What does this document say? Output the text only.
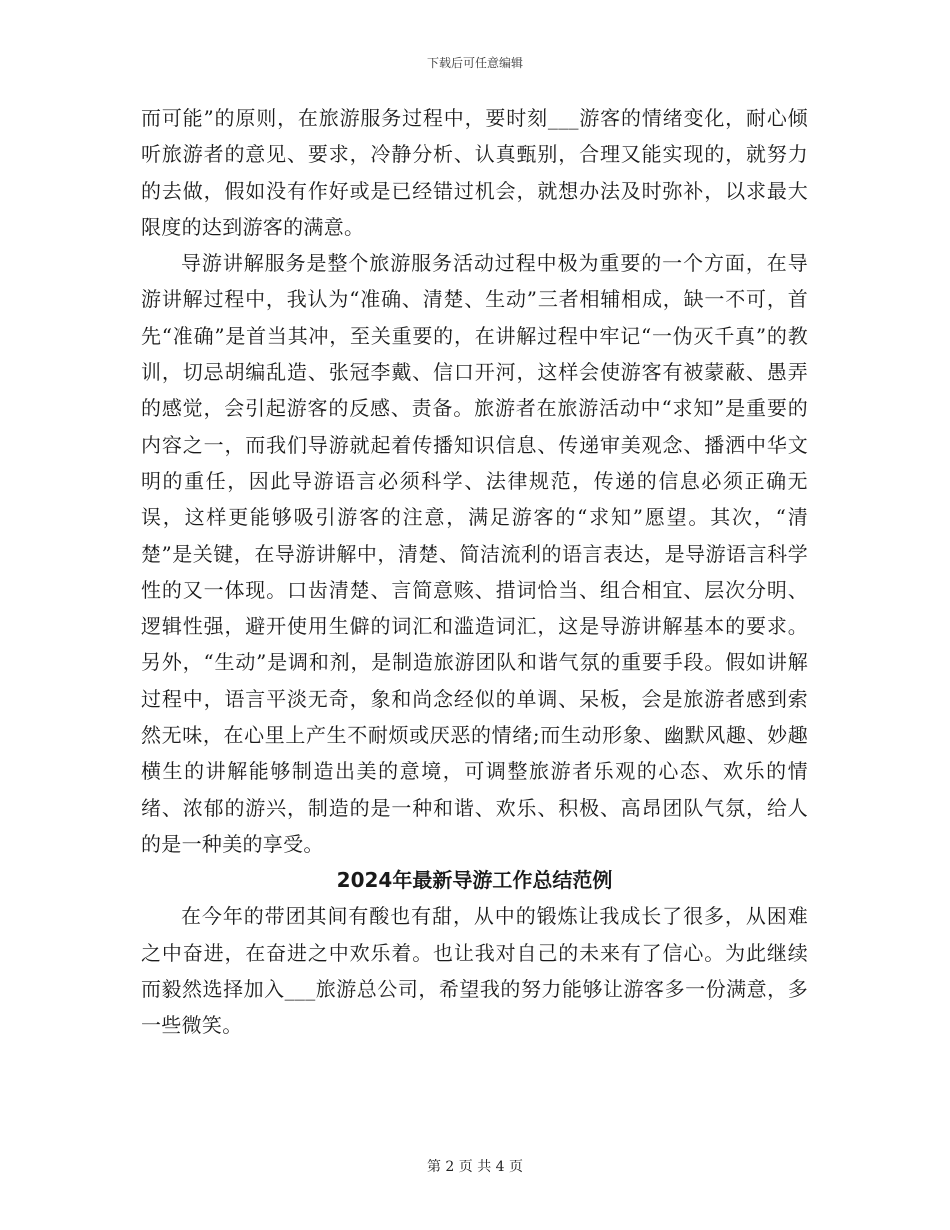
下载后可任意编辑

而可能”的原则，在旅游服务过程中，要时刻___游客的情绪变化，耐心倾听旅游者的意见、要求，冷静分析、认真甄别，合理又能实现的，就努力的去做，假如没有作好或是已经错过机会，就想办法及时弥补，以求最大限度的达到游客的满意。

导游讲解服务是整个旅游服务活动过程中极为重要的一个方面，在导游讲解过程中，我认为“准确、清楚、生动”三者相辅相成，缺一不可，首先“准确”是首当其冲，至关重要的，在讲解过程中牢记“一伪灭千真”的教训，切忌胡编乱造、张冠李戴、信口开河，这样会使游客有被蒙蔽、愚弄的感觉，会引起游客的反感、责备。旅游者在旅游活动中“求知”是重要的内容之一，而我们导游就起着传播知识信息、传递审美观念、播洒中华文明的重任，因此导游语言必须科学、法律规范，传递的信息必须正确无误，这样更能够吸引游客的注意，满足游客的“求知”愿望。其次，“清楚”是关键，在导游讲解中，清楚、简洁流利的语言表达，是导游语言科学性的又一体现。口齿清楚、言简意赅、措词恰当、组合相宜、层次分明、逻辑性强，避开使用生僻的词汇和滥造词汇，这是导游讲解基本的要求。另外，“生动”是调和剂，是制造旅游团队和谐气氛的重要手段。假如讲解过程中，语言平淡无奇，象和尚念经似的单调、呆板，会是旅游者感到索然无味，在心里上产生不耐烦或厌恶的情绪;而生动形象、幽默风趣、妙趣横生的讲解能够制造出美的意境，可调整旅游者乐观的心态、欢乐的情绪、浓郁的游兴，制造的是一种和谐、欢乐、积极、高昂团队气氛，给人的是一种美的享受。

2024年最新导游工作总结范例

在今年的带团其间有酸也有甜，从中的锻炼让我成长了很多，从困难之中奋进，在奋进之中欢乐着。也让我对自己的未来有了信心。为此继续而毅然选择加入___旅游总公司，希望我的努力能够让游客多一份满意，多一些微笑。

第 2 页 共 4 页
